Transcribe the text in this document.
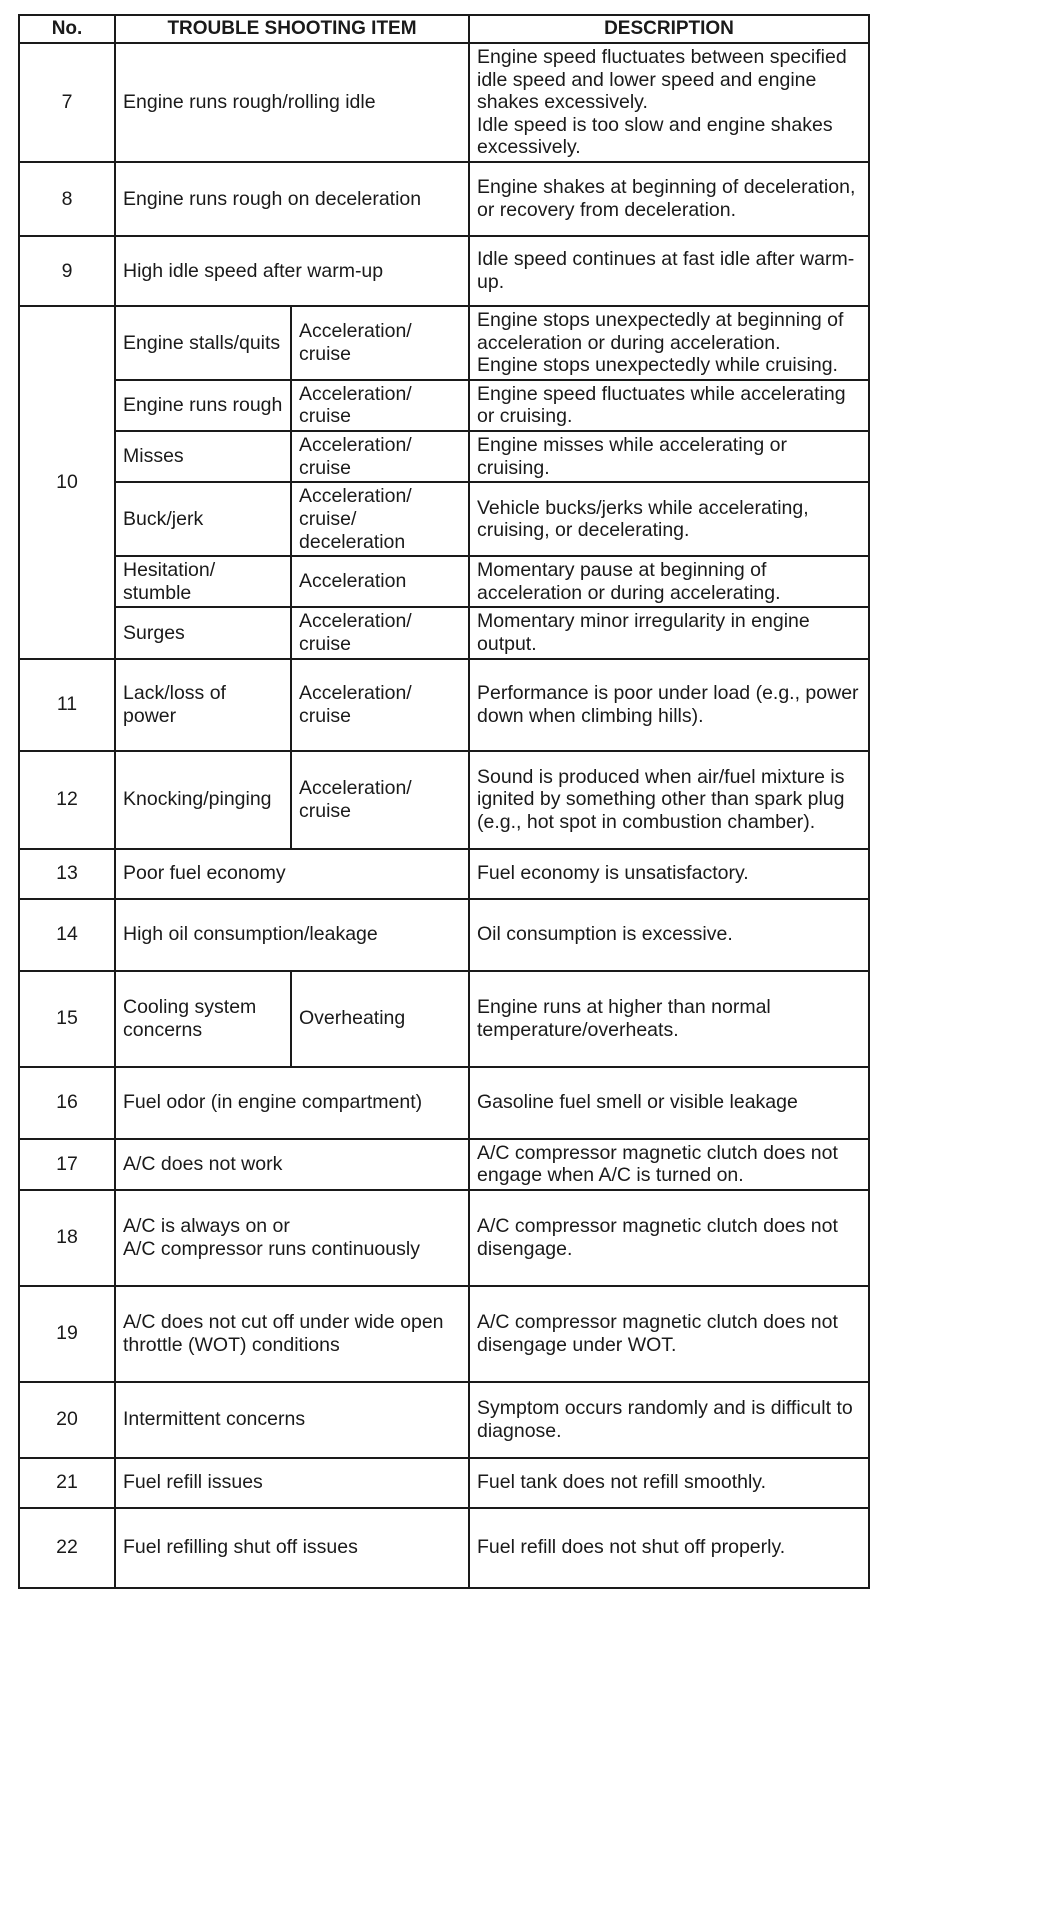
No.	TROUBLE SHOOTING ITEM		DESCRIPTION
7	Engine runs rough/rolling idle		Engine speed fluctuates between specified idle speed and lower speed and engine shakes excessively.
Idle speed is too slow and engine shakes excessively.

8	Engine runs rough on deceleration		Engine shakes at beginning of deceleration, or recovery from deceleration.
9	High idle speed after warm-up		Idle speed continues at fast idle after warm-up.
10	Engine stalls/quits	Acceleration/ cruise	Engine stops unexpectedly at beginning of acceleration or during acceleration.
Engine stops unexpectedly while cruising.

	Engine runs rough	Acceleration/ cruise	Engine speed fluctuates while accelerating or cruising.
	Misses	Acceleration/ cruise	Engine misses while accelerating or cruising.
	Buck/jerk	Acceleration/ cruise/ deceleration	Vehicle bucks/jerks while accelerating, cruising, or decelerating.
	Hesitation/ stumble	Acceleration	Momentary pause at beginning of acceleration or during accelerating.
	Surges	Acceleration/ cruise	Momentary minor irregularity in engine output.
11	Lack/loss of power	Acceleration/ cruise	Performance is poor under load (e.g., power down when climbing hills).
12	Knocking/pinging	Acceleration/ cruise	Sound is produced when air/fuel mixture is ignited by something other than spark plug (e.g., hot spot in combustion chamber).
13	Poor fuel economy		Fuel economy is unsatisfactory.
14	High oil consumption/leakage		Oil consumption is excessive.
15	Cooling system concerns	Overheating	Engine runs at higher than normal temperature/overheats.
16	Fuel odor (in engine compartment)		Gasoline fuel smell or visible leakage
17	A/C does not work		A/C compressor magnetic clutch does not engage when A/C is turned on.
18	A/C is always on or
A/C compressor runs continuously		A/C compressor magnetic clutch does not disengage.
19	A/C does not cut off under wide open throttle (WOT) conditions		A/C compressor magnetic clutch does not disengage under WOT.
20	Intermittent concerns		Symptom occurs randomly and is difficult to diagnose.
21	Fuel refill issues		Fuel tank does not refill smoothly.
22	Fuel refilling shut off issues		Fuel refill does not shut off properly.
